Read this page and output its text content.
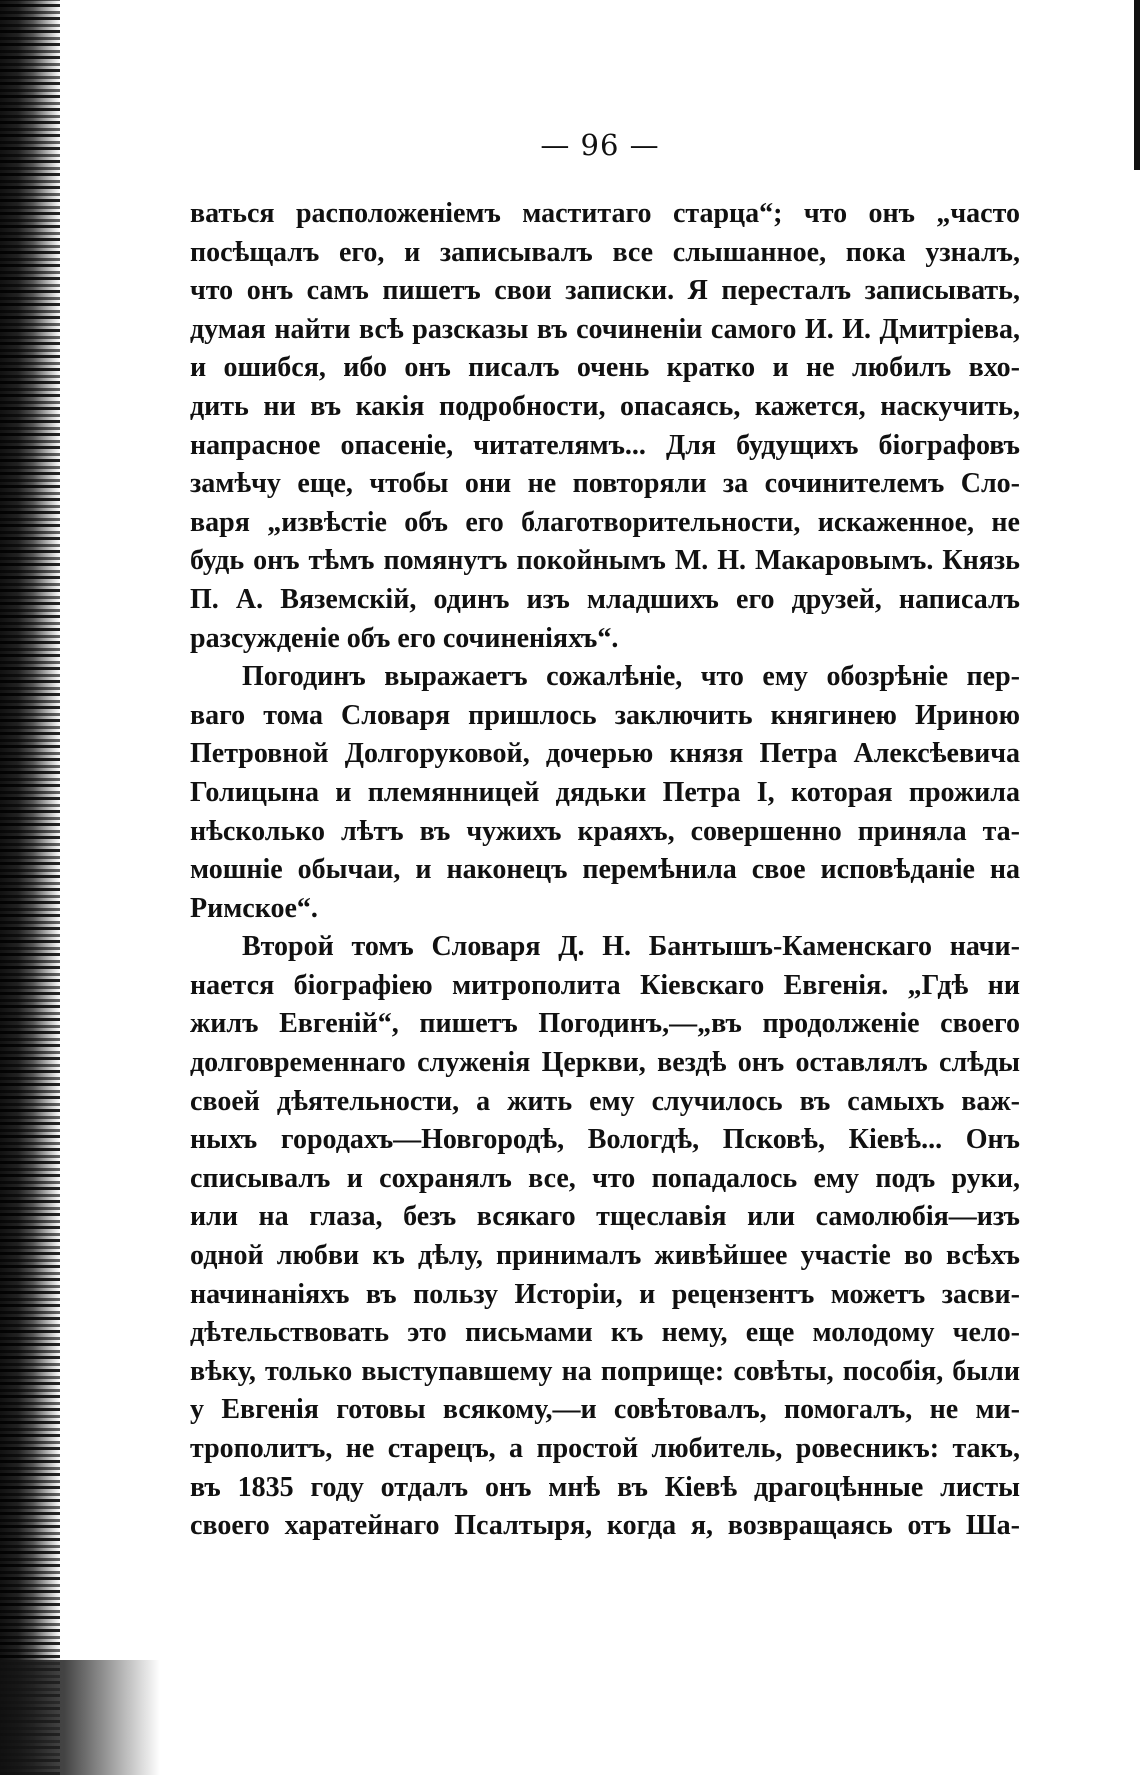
— 96 —
ваться расположенiемъ маститаго старца“; что онъ „часто
посѣщалъ его, и записывалъ все слышанное, пока узналъ,
что онъ самъ пишетъ свои записки. Я пересталъ записывать,
думая найти всѣ разсказы въ сочиненiи самого И. И. Дмитрiева,
и ошибся, ибо онъ писалъ очень кратко и не любилъ вхо-
дить ни въ какiя подробности, опасаясь, кажется, наскучить,
напрасное опасенiе, читателямъ... Для будущихъ бiографовъ
замѣчу еще, чтобы они не повторяли за сочинителемъ Сло-
варя „извѣстiе объ его благотворительности, искаженное, не
будь онъ тѣмъ помянутъ покойнымъ М. Н. Макаровымъ. Князь
П. А. Вяземскiй, одинъ изъ младшихъ его друзей, написалъ
разсужденiе объ его сочиненiяхъ“.
Погодинъ выражаетъ сожалѣнiе, что ему обозрѣнiе пер-
ваго тома Словаря пришлось заключить княгинею Ириною
Петровной Долгоруковой, дочерью князя Петра Алексѣевича
Голицына и племянницей дядьки Петра I, которая прожила
нѣсколько лѣтъ въ чужихъ краяхъ, совершенно приняла та-
мошнiе обычаи, и наконецъ перемѣнила свое исповѣданiе на
Римское“.
Второй томъ Словаря Д. Н. Бантышъ-Каменскаго начи-
нается бiографiею митрополита Кiевскаго Евгенiя. „Гдѣ ни
жилъ Евгенiй“, пишетъ Погодинъ,—„въ продолженiе своего
долговременнаго служенiя Церкви, вездѣ онъ оставлялъ слѣды
своей дѣятельности, а жить ему случилось въ самыхъ важ-
ныхъ городахъ—Новгородѣ, Вологдѣ, Псковѣ, Кiевѣ... Онъ
списывалъ и сохранялъ все, что попадалось ему подъ руки,
или на глаза, безъ всякаго тщеславiя или самолюбiя—изъ
одной любви къ дѣлу, принималъ живѣйшее участiе во всѣхъ
начинанiяхъ въ пользу Исторiи, и рецензентъ можетъ засви-
дѣтельствовать это письмами къ нему, еще молодому чело-
вѣку, только выступавшему на поприще: совѣты, пособiя, были
у Евгенiя готовы всякому,—и совѣтовалъ, помогалъ, не ми-
трополитъ, не старецъ, а простой любитель, ровесникъ: такъ,
въ 1835 году отдалъ онъ мнѣ въ Кiевѣ драгоцѣнные листы
своего харатейнаго Псалтыря, когда я, возвращаясь отъ Ша-
